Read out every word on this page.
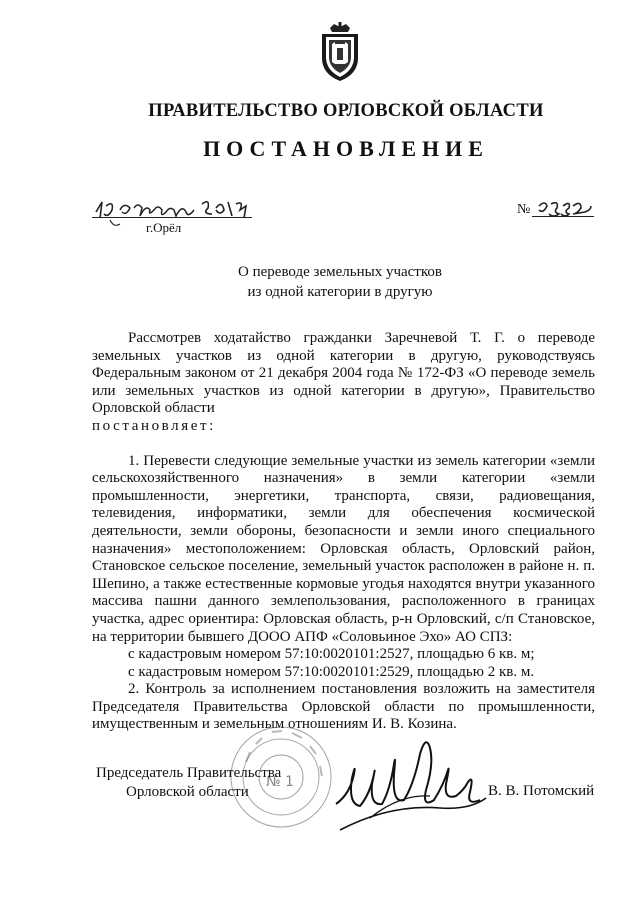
ПРАВИТЕЛЬСТВО ОРЛОВСКОЙ ОБЛАСТИ
ПОСТАНОВЛЕНИЕ
г.Орёл
№
О переводе земельных участков
из одной категории в другую

Рассмотрев ходатайство гражданки Заречневой Т. Г. о переводе земельных участков из одной категории в другую, руководствуясь Федеральным законом от 21 декабря 2004 года № 172-ФЗ «О переводе земель или земельных участков из одной категории в другую», Правительство Орловской области
постановляет:

1. Перевести следующие земельные участки из земель категории «земли сельскохозяйственного назначения» в земли категории «земли промышленности, энергетики, транспорта, связи, радиовещания, телевидения, информатики, земли для обеспечения космической деятельности, земли обороны, безопасности и земли иного специального назначения» местоположением: Орловская область, Орловский район, Становское сельское поселение, земельный участок расположен в районе н. п. Шепино, а также естественные кормовые угодья находятся внутри указанного массива пашни данного землепользования, расположенного в границах участка, адрес ориентира: Орловская область, р-н Орловский, с/п Становское, на территории бывшего ДООО АПФ «Соловьиное Эхо» АО СПЗ:

с кадастровым номером 57:10:0020101:2527, площадью 6 кв. м;

с кадастровым номером 57:10:0020101:2529, площадью 2 кв. м.

2. Контроль за исполнением постановления возложить на заместителя Председателя Правительства Орловской области по промышленности, имущественным и земельным отношениям И. В. Козина.

№ 1
Председатель Правительства
Орловской области	В. В. Потомский
